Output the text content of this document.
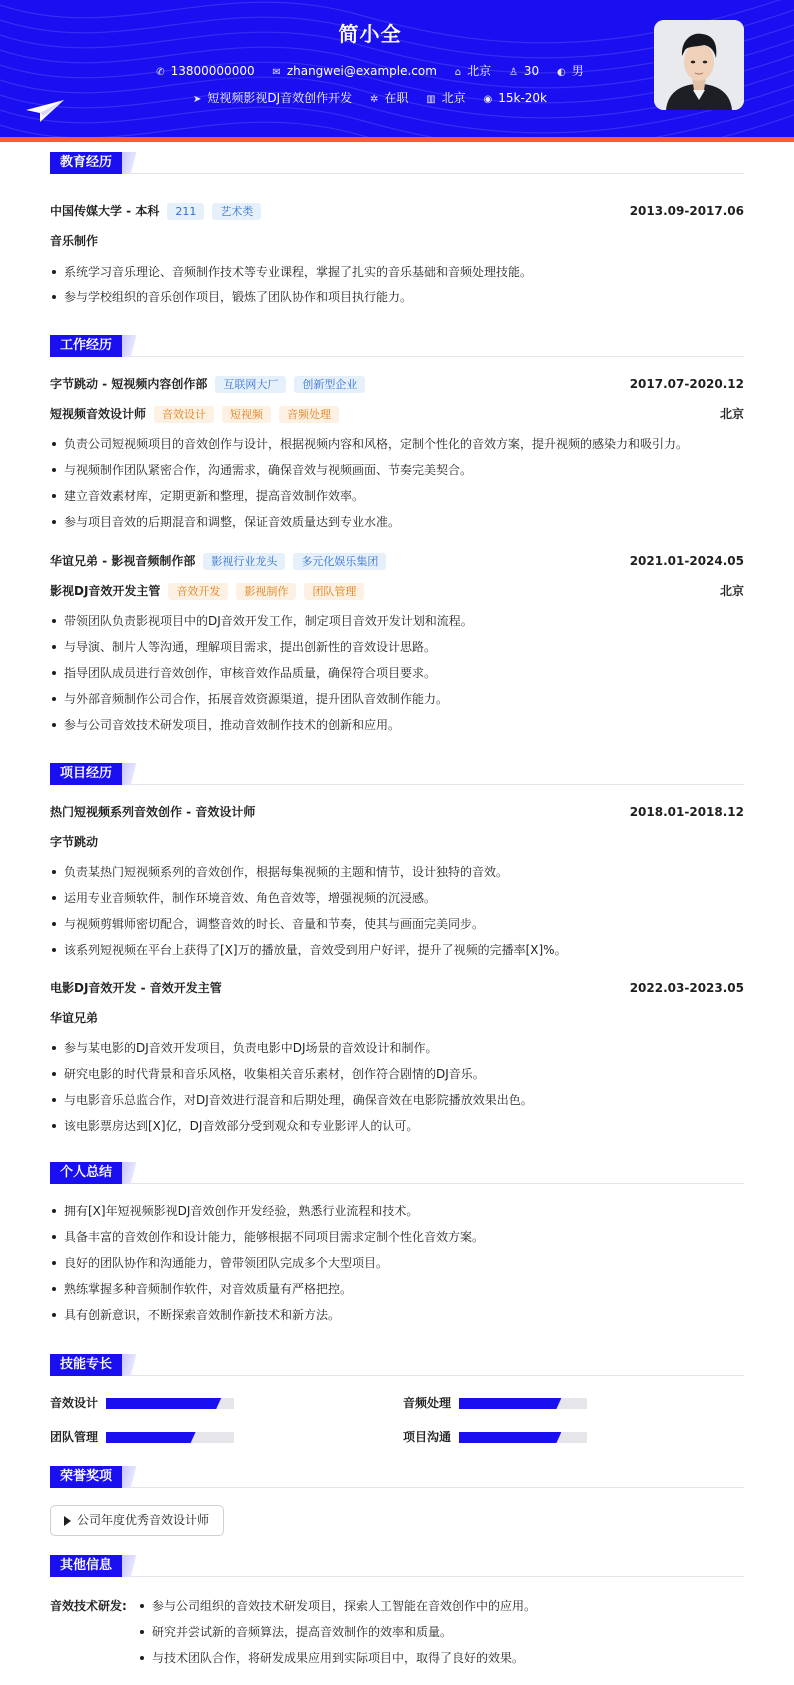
简小全
✆ 13800000000 ✉ zhangwei@example.com ⌂ 北京 ♙ 30 ◐ 男
➤ 短视频影视DJ音效创作开发 ✲ 在职 ▥ 北京 ◉ 15k-20k
教育经历
中国传媒大学 - 本科 211 艺术类	2013.09-2017.06
音乐制作
系统学习音乐理论、音频制作技术等专业课程，掌握了扎实的音乐基础和音频处理技能。
参与学校组织的音乐创作项目，锻炼了团队协作和项目执行能力。
工作经历
字节跳动 - 短视频内容创作部 互联网大厂 创新型企业	2017.07-2020.12
短视频音效设计师 音效设计 短视频 音频处理	北京
负责公司短视频项目的音效创作与设计，根据视频内容和风格，定制个性化的音效方案，提升视频的感染力和吸引力。
与视频制作团队紧密合作，沟通需求，确保音效与视频画面、节奏完美契合。
建立音效素材库，定期更新和整理，提高音效制作效率。
参与项目音效的后期混音和调整，保证音效质量达到专业水准。
华谊兄弟 - 影视音频制作部 影视行业龙头 多元化娱乐集团	2021.01-2024.05
影视DJ音效开发主管 音效开发 影视制作 团队管理	北京
带领团队负责影视项目中的DJ音效开发工作，制定项目音效开发计划和流程。
与导演、制片人等沟通，理解项目需求，提出创新性的音效设计思路。
指导团队成员进行音效创作，审核音效作品质量，确保符合项目要求。
与外部音频制作公司合作，拓展音效资源渠道，提升团队音效制作能力。
参与公司音效技术研发项目，推动音效制作技术的创新和应用。
项目经历
热门短视频系列音效创作 - 音效设计师	2018.01-2018.12
字节跳动
负责某热门短视频系列的音效创作，根据每集视频的主题和情节，设计独特的音效。
运用专业音频软件，制作环境音效、角色音效等，增强视频的沉浸感。
与视频剪辑师密切配合，调整音效的时长、音量和节奏，使其与画面完美同步。
该系列短视频在平台上获得了[X]万的播放量，音效受到用户好评，提升了视频的完播率[X]%。
电影DJ音效开发 - 音效开发主管	2022.03-2023.05
华谊兄弟
参与某电影的DJ音效开发项目，负责电影中DJ场景的音效设计和制作。
研究电影的时代背景和音乐风格，收集相关音乐素材，创作符合剧情的DJ音乐。
与电影音乐总监合作，对DJ音效进行混音和后期处理，确保音效在电影院播放效果出色。
该电影票房达到[X]亿，DJ音效部分受到观众和专业影评人的认可。
个人总结
拥有[X]年短视频影视DJ音效创作开发经验，熟悉行业流程和技术。
具备丰富的音效创作和设计能力，能够根据不同项目需求定制个性化音效方案。
良好的团队协作和沟通能力，曾带领团队完成多个大型项目。
熟练掌握多种音频制作软件，对音效质量有严格把控。
具有创新意识，不断探索音效制作新技术和新方法。
技能专长
音效设计	音频处理
团队管理	项目沟通
荣誉奖项
公司年度优秀音效设计师
其他信息
音效技术研发:	参与公司组织的音效技术研发项目，探索人工智能在音效创作中的应用。
研究并尝试新的音频算法，提高音效制作的效率和质量。
与技术团队合作，将研发成果应用到实际项目中，取得了良好的效果。
